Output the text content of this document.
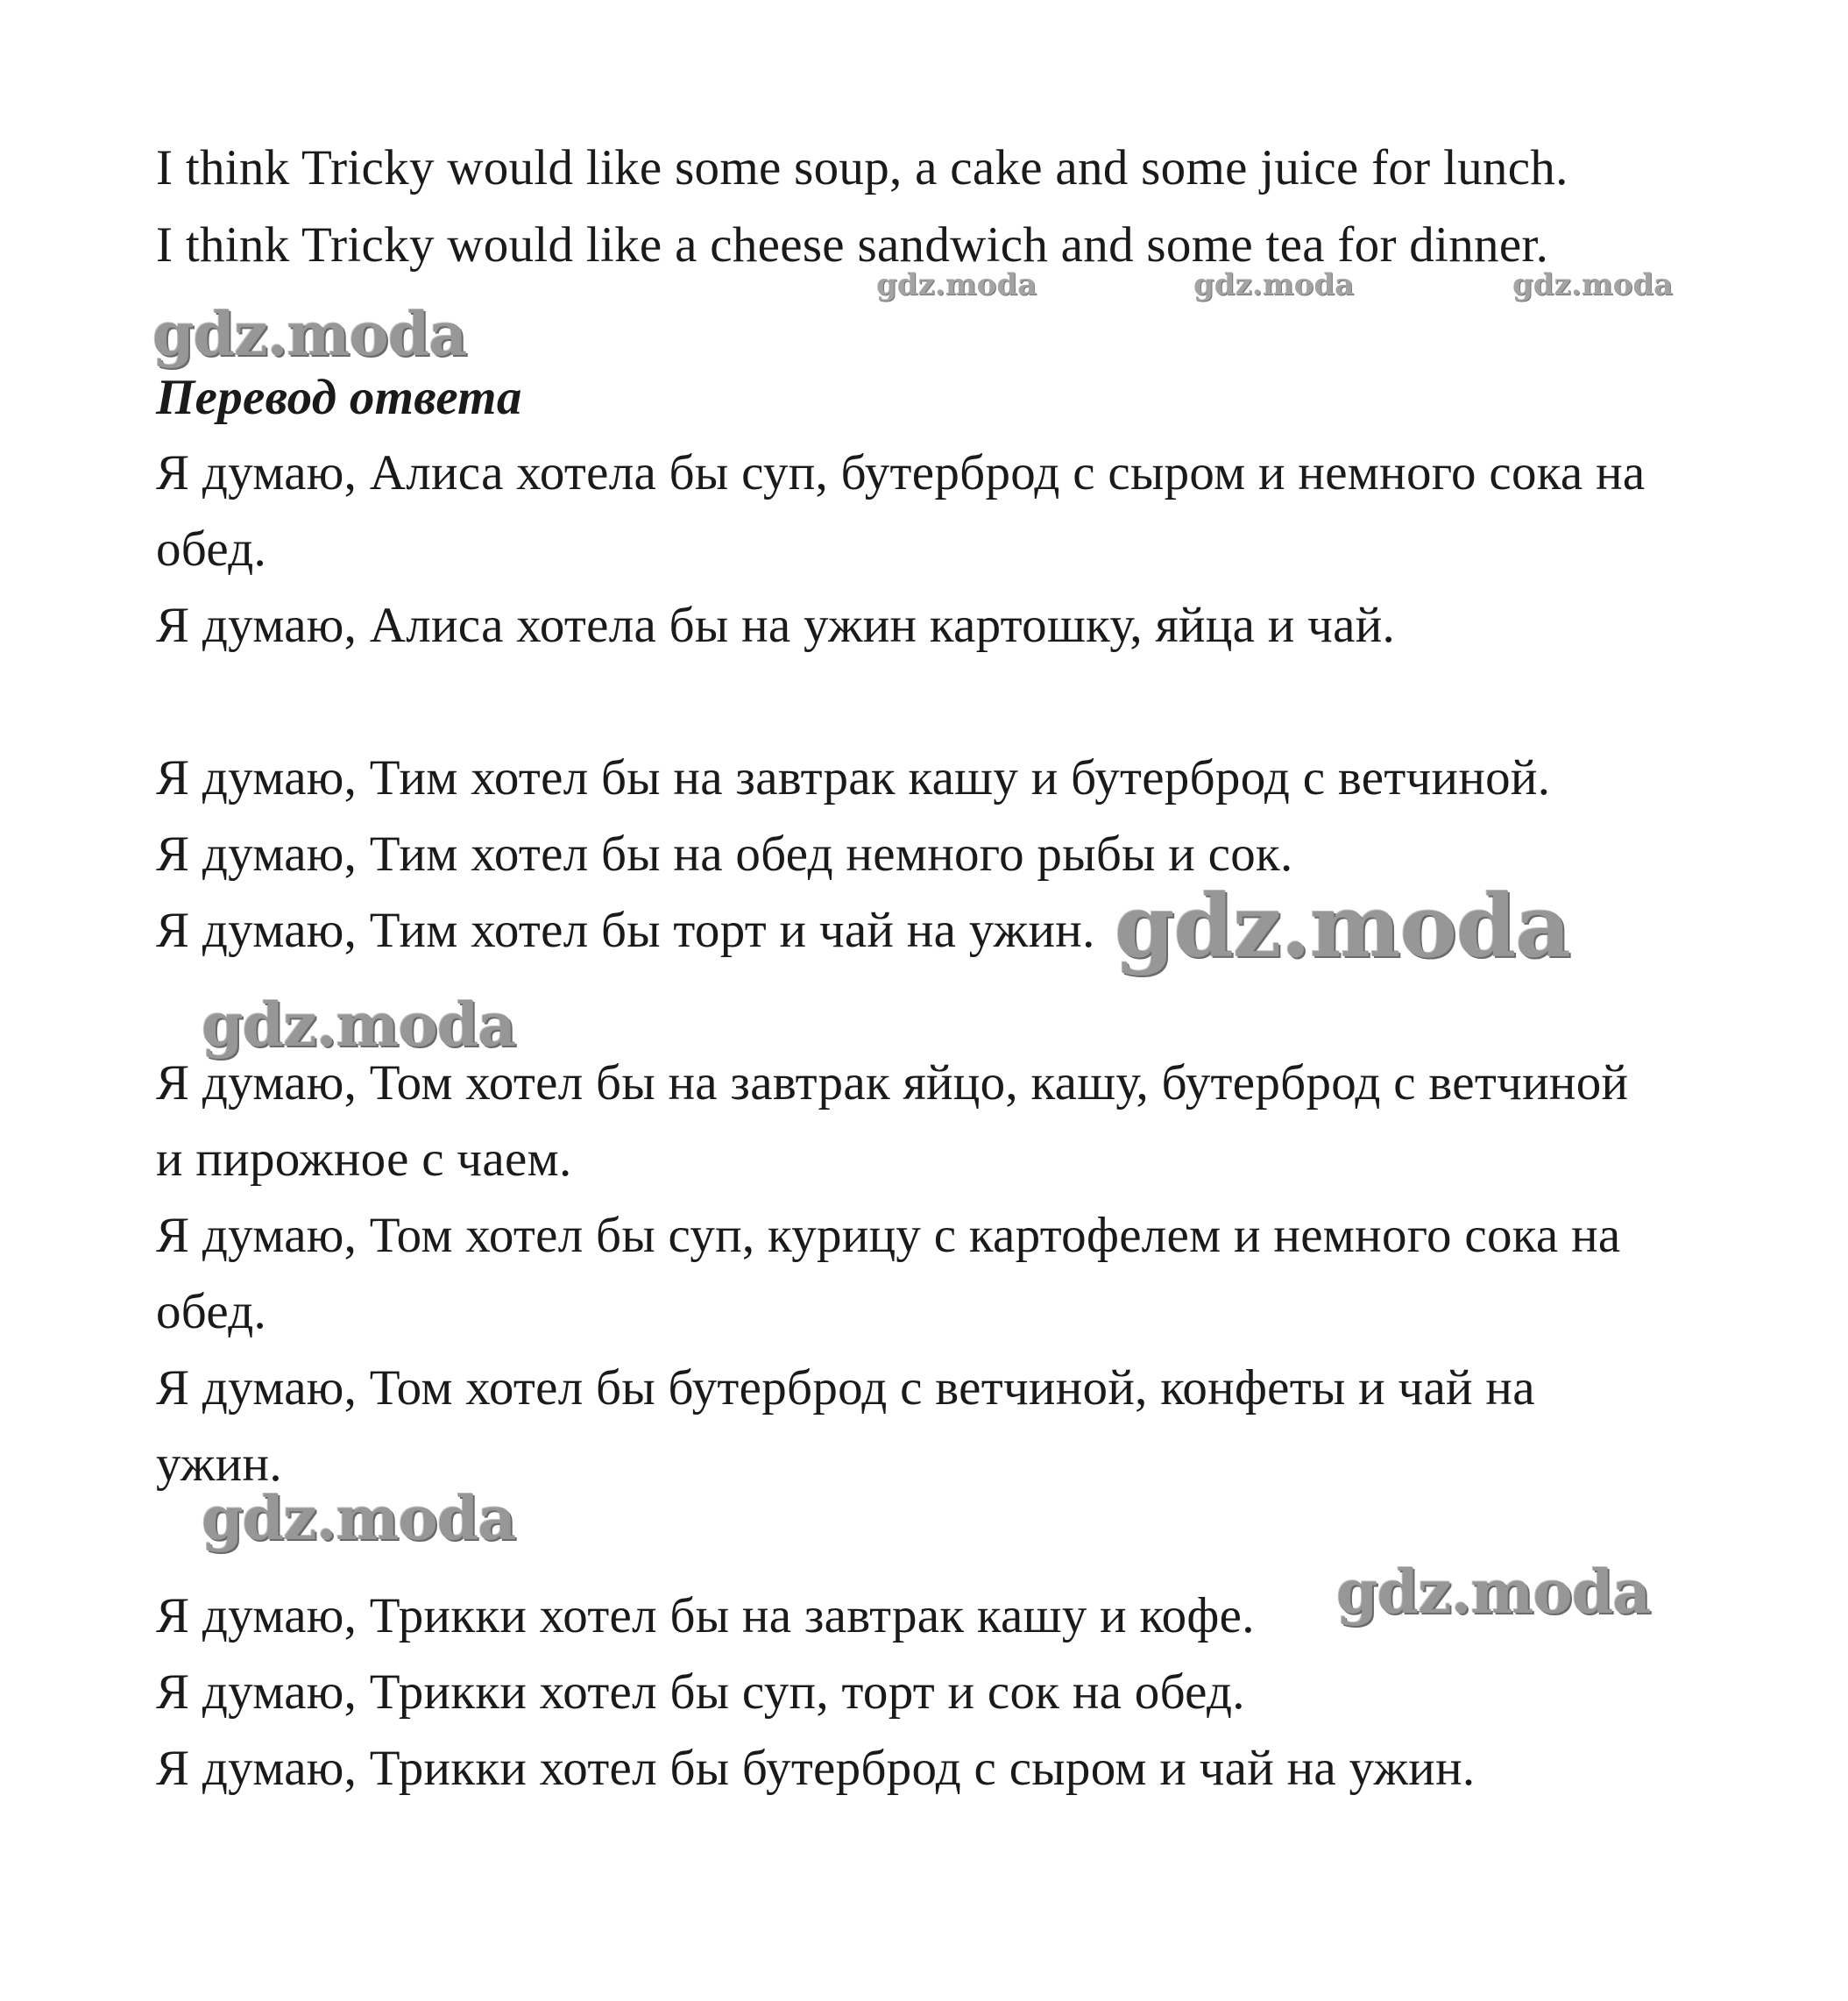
I think Tricky would like some soup, a cake and some juice for lunch.
I think Tricky would like a cheese sandwich and some tea for dinner.
gdz.moda	gdz.moda	gdz.moda
gdz.moda
Перевод ответа
Я думаю, Алиса хотела бы суп, бутерброд с сыром и немного сока на
обед.
Я думаю, Алиса хотела бы на ужин картошку, яйца и чай.
Я думаю, Тим хотел бы на завтрак кашу и бутерброд с ветчиной.
Я думаю, Тим хотел бы на обед немного рыбы и сок.
Я думаю, Тим хотел бы торт и чай на ужин. gdz.moda
gdz.moda
Я думаю, Том хотел бы на завтрак яйцо, кашу, бутерброд с ветчиной
и пирожное с чаем.
Я думаю, Том хотел бы суп, курицу с картофелем и немного сока на
обед.
Я думаю, Том хотел бы бутерброд с ветчиной, конфеты и чай на
ужин.
gdz.moda
gdz.moda
Я думаю, Трикки хотел бы на завтрак кашу и кофе.
Я думаю, Трикки хотел бы суп, торт и сок на обед.
Я думаю, Трикки хотел бы бутерброд с сыром и чай на ужин.
